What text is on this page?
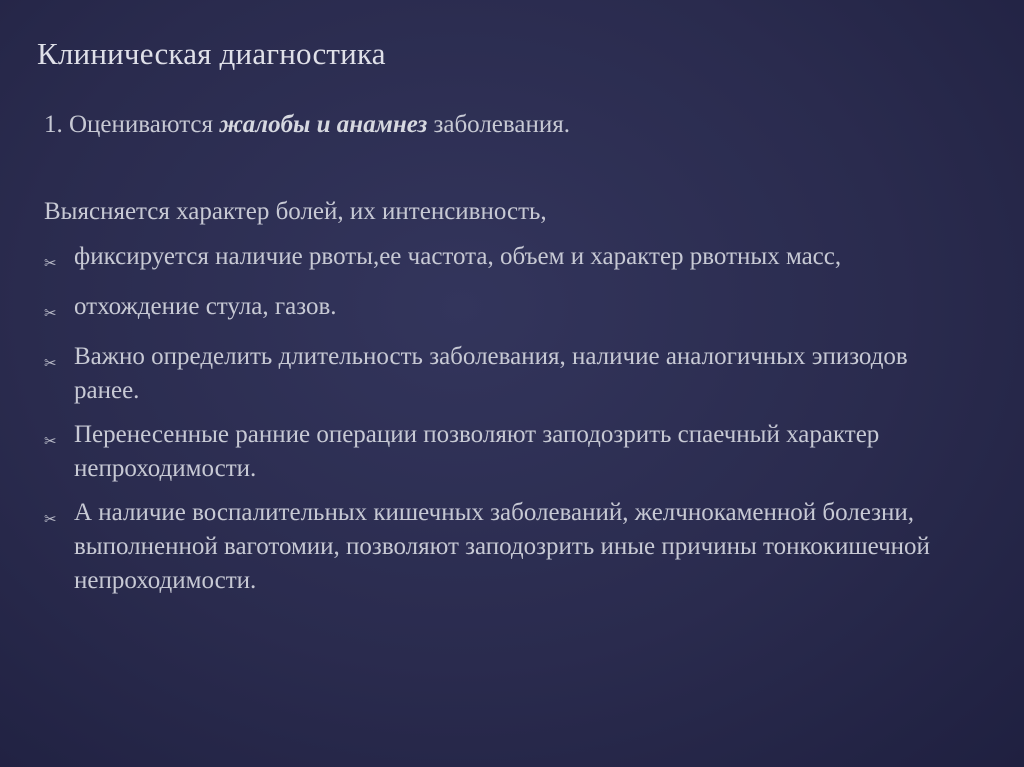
Клиническая диагностика
1. Оцениваются жалобы и анамнез заболевания.
Выясняется характер болей, их интенсивность,
✂ фиксируется наличие рвоты,ее частота, объем и характер рвотных масс,
✂ отхождение стула, газов.
✂ Важно определить длительность заболевания, наличие аналогичных эпизодов ранее.
✂ Перенесенные ранние операции позволяют заподозрить спаечный характер непроходимости.
✂ А наличие воспалительных кишечных заболеваний, желчнокаменной болезни, выполненной ваготомии, позволяют заподозрить иные причины тонкокишечной непроходимости.
